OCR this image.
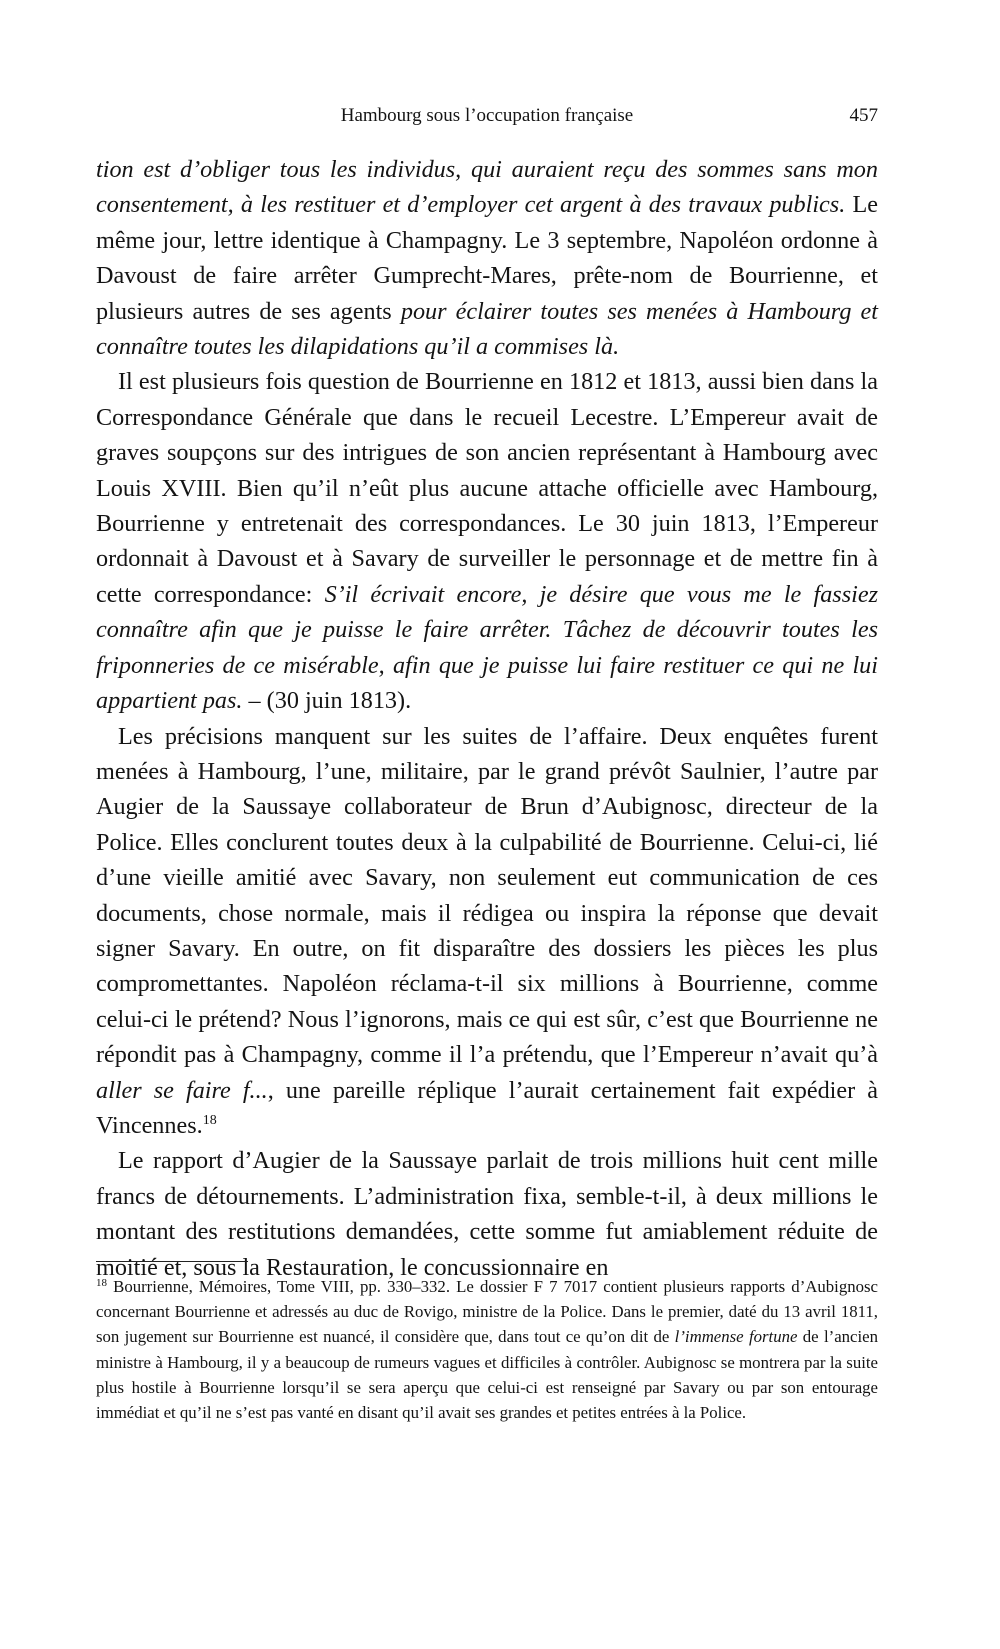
Hambourg sous l’occupation française	457

tion est d’obliger tous les individus, qui auraient reçu des sommes sans mon consentement, à les restituer et d’employer cet argent à des travaux publics. Le même jour, lettre identique à Champagny. Le 3 septembre, Napoléon ordonne à Davoust de faire arrêter Gumprecht-Mares, prête-nom de Bourrienne, et plusieurs autres de ses agents pour éclairer toutes ses menées à Hambourg et connaître toutes les dilapidations qu’il a commises là.

Il est plusieurs fois question de Bourrienne en 1812 et 1813, aussi bien dans la Correspondance Générale que dans le recueil Lecestre. L’Empereur avait de graves soupçons sur des intrigues de son ancien représentant à Hambourg avec Louis XVIII. Bien qu’il n’eût plus aucune attache officielle avec Hambourg, Bourrienne y entretenait des correspondances. Le 30 juin 1813, l’Empereur ordonnait à Davoust et à Savary de surveiller le personnage et de mettre fin à cette correspondance: S’il écrivait encore, je désire que vous me le fassiez connaître afin que je puisse le faire arrêter. Tâchez de découvrir toutes les friponneries de ce misérable, afin que je puisse lui faire restituer ce qui ne lui appartient pas. – (30 juin 1813).

Les précisions manquent sur les suites de l’affaire. Deux enquêtes furent menées à Hambourg, l’une, militaire, par le grand prévôt Saulnier, l’autre par Augier de la Saussaye collaborateur de Brun d’Aubignosc, directeur de la Police. Elles conclurent toutes deux à la culpabilité de Bourrienne. Celui-ci, lié d’une vieille amitié avec Savary, non seulement eut communication de ces documents, chose normale, mais il rédigea ou inspira la réponse que devait signer Savary. En outre, on fit disparaître des dossiers les pièces les plus compromettantes. Napoléon réclama-t-il six millions à Bourrienne, comme celui-ci le prétend? Nous l’ignorons, mais ce qui est sûr, c’est que Bourrienne ne répondit pas à Champagny, comme il l’a prétendu, que l’Empereur n’avait qu’à aller se faire f..., une pareille réplique l’aurait certainement fait expédier à Vincennes.$^{18}$

Le rapport d’Augier de la Saussaye parlait de trois millions huit cent mille francs de détournements. L’administration fixa, semble-t-il, à deux millions le montant des restitutions demandées, cette somme fut amiablement réduite de moitié et, sous la Restauration, le concussionnaire en

$^{18}$ Bourrienne, Mémoires, Tome VIII, pp. 330–332. Le dossier F 7 7017 contient plusieurs rapports d’Aubignosc concernant Bourrienne et adressés au duc de Rovigo, ministre de la Police. Dans le premier, daté du 13 avril 1811, son jugement sur Bourrienne est nuancé, il considère que, dans tout ce qu’on dit de l’immense fortune de l’ancien ministre à Hambourg, il y a beaucoup de rumeurs vagues et difficiles à contrôler. Aubignosc se montrera par la suite plus hostile à Bourrienne lorsqu’il se sera aperçu que celui-ci est renseigné par Savary ou par son entourage immédiat et qu’il ne s’est pas vanté en disant qu’il avait ses grandes et petites entrées à la Police.
